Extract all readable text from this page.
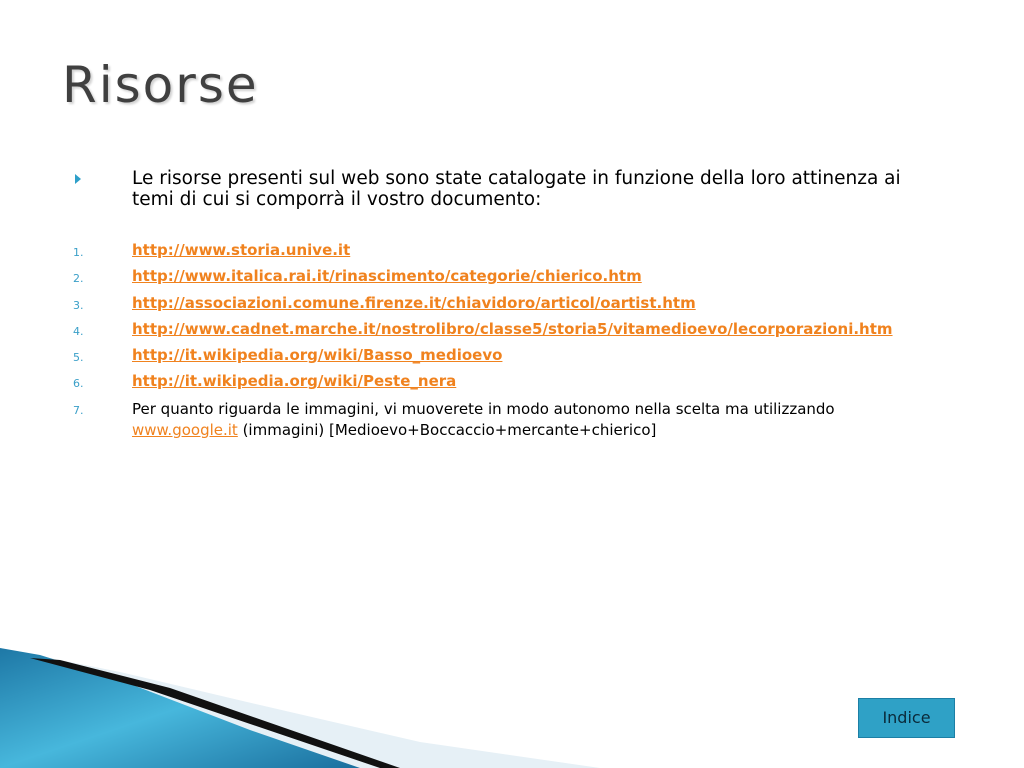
Risorse

Le risorse presenti sul web sono state catalogate in funzione della loro attinenza ai temi di cui si comporrà il vostro documento:

1.	http://www.storia.unive.it
2.	http://www.italica.rai.it/rinascimento/categorie/chierico.htm
3.	http://associazioni.comune.firenze.it/chiavidoro/articol/oartist.htm
4.	http://www.cadnet.marche.it/nostrolibro/classe5/storia5/vitamedioevo/lecorporazioni.htm
5.	http://it.wikipedia.org/wiki/Basso_medioevo
6.	http://it.wikipedia.org/wiki/Peste_nera
7.	Per quanto riguarda le immagini, vi muoverete in modo autonomo nella scelta ma utilizzando www.google.it (immagini) [Medioevo+Boccaccio+mercante+chierico]
Indice
